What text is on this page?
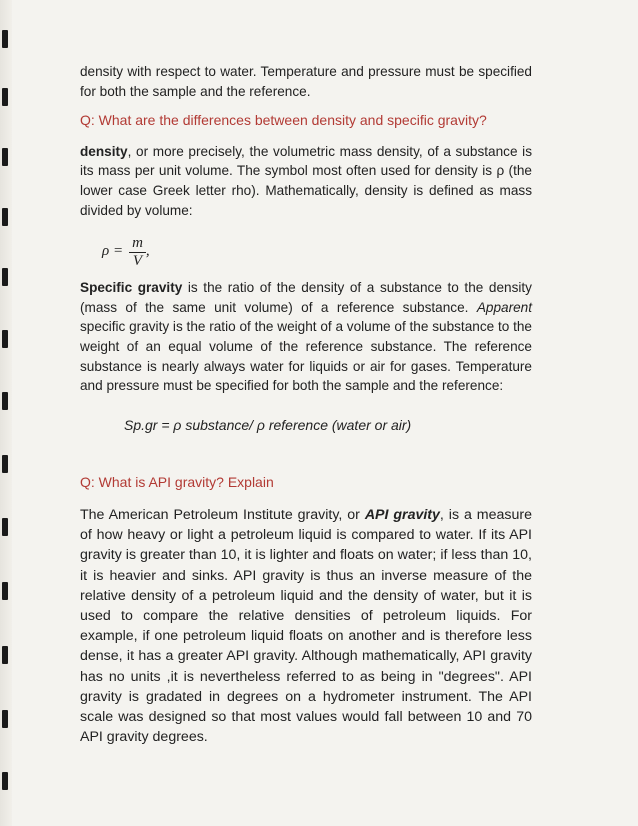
density with respect to water. Temperature and pressure must be specified for both the sample and the reference.

Q: What are the differences between density and specific gravity?

density, or more precisely, the volumetric mass density, of a substance is its mass per unit volume. The symbol most often used for density is ρ (the lower case Greek letter rho). Mathematically, density is defined as mass divided by volume:

$\rho = \frac{m}{V}$ ,

Specific gravity is the ratio of the density of a substance to the density (mass of the same unit volume) of a reference substance. Apparent specific gravity is the ratio of the weight of a volume of the substance to the weight of an equal volume of the reference substance. The reference substance is nearly always water for liquids or air for gases. Temperature and pressure must be specified for both the sample and the reference:

Sp.gr = ρ substance/ ρ reference (water or air)

Q: What is API gravity? Explain

The American Petroleum Institute gravity, or API gravity, is a measure of how heavy or light a petroleum liquid is compared to water. If its API gravity is greater than 10, it is lighter and floats on water; if less than 10, it is heavier and sinks. API gravity is thus an inverse measure of the relative density of a petroleum liquid and the density of water, but it is used to compare the relative densities of petroleum liquids. For example, if one petroleum liquid floats on another and is therefore less dense, it has a greater API gravity. Although mathematically, API gravity has no units ,it is nevertheless referred to as being in "degrees". API gravity is gradated in degrees on a hydrometer instrument. The API scale was designed so that most values would fall between 10 and 70 API gravity degrees.
